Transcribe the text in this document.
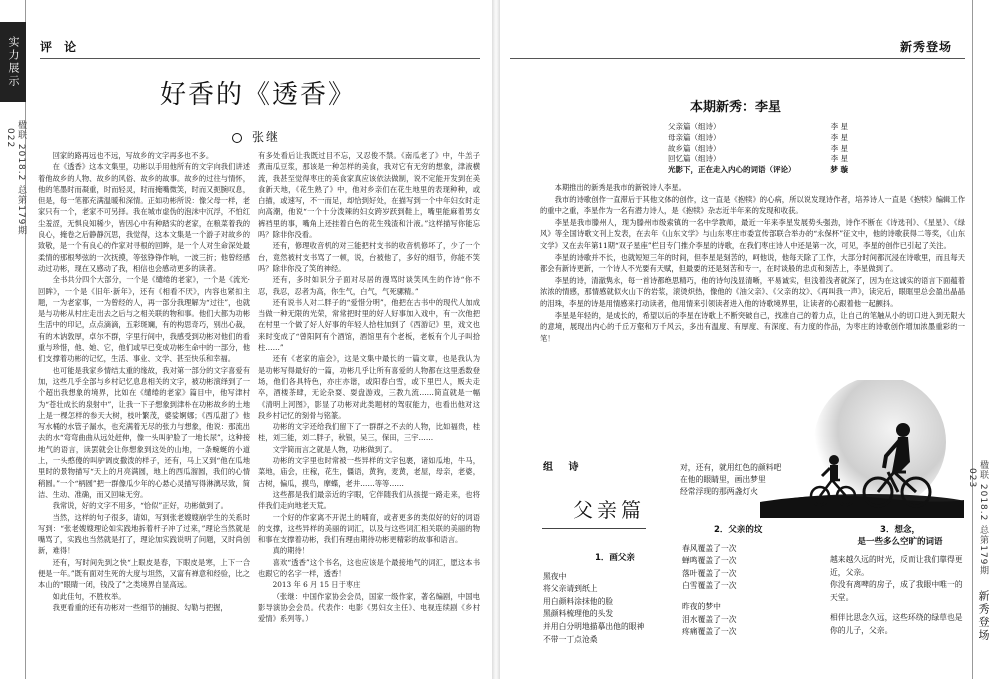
实力展示
楹联 2018.2 总第179期
022
楹联 2018.2 总第179期
023
新秀登场
评 论	新秀登场
好香的《透香》
张继

回家的路再远也不远，写故乡的文字再多也不多。

在《透香》这本文集里，功彬以手用他所有的文字向我们讲述着他故乡的人物、故乡的风俗、故乡的故事。故乡的过往与情怀，他的笔墨时而凝重，时而轻灵，时而掩嘴微笑，时而又扼腕叹息，但是，每一笔都充满温暖和深情。正如功彬所说：像父母一样，老家只有一个，老家不可另择。我在城市虚伪的泡沫中沉浮，不怕红尘羞涩，无惧良知稀少，皆因心中有种踏实的老家，在粮菜着我的良心，掩卷之后静静沉思，我觉得，这本文集是一个游子对故乡的致敬，是一个有良心的作家对寻根的回眸，是一个人对生命深处最柔情的那根琴弦的一次抚摸，等弦铮铮作响，一波三折；他曾经感动过功彬，现在又感动了我，相信也会感动更多的读者。

全书共分四个大部分，一个是《缱绻的老家》，一个是《流光·回眸》，一个是《旧年·新年》，还有《相看不厌》，内容也紧扣主题，一为老家事，一为曾经的人，再一部分我理解为“过往”，也就是与功彬从村庄走出去之后与之相关联的物和事。他们大都为功彬生活中的印记，点点滴滴，五彩斑斓，有的构思奇巧，别出心裁，有的木讷敦厚，卓尔不群，字里行间中，我感受到功彬对他们的看重与珍惜，他、她、它，他们或早已变成功彬生命中的一部分，他们支撑着功彬的记忆，生活、事业、文学、甚至快乐和幸福。

也可能是我家乡情结太重的缘故，我对第一部分的文字喜爱有加，这些几乎全部与乡村记忆息息相关的文字，被功彬演绎到了一个超出我想象的境界，比如在《缱绻的老家》篇目中，他写津村为“苍壮成长的泉射中”，让我一下子想象到津朴在功彬故乡的土地上是一棵怎样的参天大树，枝叶繁茂，婆娑婀娜；《西瓜甜了》他写水桶的水管子漏水，也充满着无尽的张力与想象，他说：那流出去的水“弯弯曲曲从远处赶伸，像一头叫驴脸了一地长尿”，这种接地气的语言，读罢就会让你想象到这处的山地，一条蜿蜒的小道上，一头憨傻的叫驴调皮撒泼的样子，还有，马上又到“他在瓜地里时的景物描写“天上的月亮满圆，地上的西瓜溜圆，我们的心情稍圆。”一个“柄圆”把一群像瓜少年的心悬心灵描写得淋漓尽致，简洁、生动、准确，而又回味无穷。

我常说，好的文字不用多，“恰似”正好，功彬做到了。

当然，这样的句子很多，请如，写到张老嫂嫂崩学生的关系时写到：“张老嫂嫂理论如实践地拆着杆子冲了过来，”理论当然就是嘴骂了，实践也当然就是打了，理论加实践说明了问题，又时尚创新，难得！

还有，写时间先到之快“上眼皮是春，下眼皮是寒，上下一合便是一年。”既有面对生死的大度与坦然，又富有禅意和经验，比之本山的“眼睛一闭，钱没了”之类境界自显高远。

如此佳句，不胜枚举。

我更看重的还有功彬对一些细节的捕捉、勾勒与把握，

有多处看后让我既过目不忘，又忍俊不禁。《南瓜老了》中，牛羔子煮南瓜豆浆，那该是一种怎样的美食，我对它有无穷的想象，津液横流，我甚至觉得枣庄的美食家真应该依法做制，说不定能开发到在美食新天地，《花生熟了》中，他对乡亲们在花生地里的表现种种，或白描，或速写，不一而足，却恰到好处，在描写到一个中年妇女时走向高潮，他说“一个十分泼辣的妇女跨岁跃到鞋上，嘴里能麻着男女裤裆里的事，嘴角上还挂着白色的花生残渣和汁液。”这样描写你能忘吗？除非你没看。

还有，修理收音机的对三能把村支书的收音机修坏了，少了一个台，竟然被村支书骂了一顿，说，台被他了，多好的细节，你能不笑吗？除非你没了笑的神经。

还有，多时如识分子面对尽居的漫骂时谈笑风生的作诗“你不忍，我忍，忍者为高，你生气，白气，气死骡精。”

还有说书人对二胖子的“爱惜分明”，他把在古书中的现代人加成当做一种无限的光荣，常常把时里的好人好事加入戏中，有一次他把在村里一个做了好人好事的年轻人拾柱加到了《西游记》里，戏文也来时变成了“曾阳阿有个酒馆，酒馆里有个老板，老板有个儿子叫拾柱……”

还有《老家的庙会》，这是文集中最长的一篇文章，也是我认为是功彬写得最好的一篇，功彬几乎让所有喜爱的人物都在这里悉数登场，他们各具特色，亦庄亦谐，或阳春白雪，或下里巴人，贩夫走卒，酒楼茶肆，无论杂耍、耍盘游戏，三教九流……简直就是一幅《清明上河图》，影显了功彬对此类题材的驾驭能力，也看出他对这段乡村记忆的刻骨与铭篆。

功彬的文字还给我们留下了一群群之不去的人物，比如福贵，桂桂，刘三能，刘二胖子，秋银，吴三，保田，三宇……

文学简而言之就是人物，功彬做到了。

功彬的文字里也时常被一些异样的文字包裹，诸如瓜地，牛马，菜地，庙会，庄稼，花生，僵语，黄狗，麦黄，老屋，母亲，老婆，古树，偏瓜，摸鸟，摩蝶，老井……等等……

这些都是我们最亲近的字眼，它伴随我们从孩提一路走来，也将伴我们走向地老天荒。

一个好的作家离不开泥土的哺育，或者更多的类似好的好的词语的支撑，这些异样的美丽的词汇，以及与这些词汇相关联的美丽的物和事在支撑着功彬，我们有理由期待功彬更精彩的故事和语言。

真的期待！

喜欢“透香”这个书名，这也应该是个最接地气的词汇，愿这本书也跟它的名字一样，透香！

2013 年 6 月 15 日于枣庄

（张继：中国作家协会会员，国家一级作家，著名编剧，中国电影导演协会会员。代表作：电影《男妇女主任》、电视连续剧《乡村爱情》系列等。）

本期新秀：李星
父亲篇（组诗）	李 星
母亲篇（组诗）	李 星
故乡篇（组诗）	李 星
回忆篇（组诗）	李 星
光影下，正在走入内心的词语（评论）	梦 璇

本期推出的新秀是我市的新锐诗人李星。

我市的诗歌创作一直滞后于其他文体的创作，这一直是《抱犊》的心病，所以说发现诗作者，培养诗人一直是《抱犊》编辑工作的重中之重，李星作为一名有潜力诗人，是《抱犊》杂志近半年来的发现和收获。

李星是我市滕州人，现为滕州市级索镇的一名中学教师，最近一年来李星发展势头强劲，诗作不断在《诗选刊》、《星星》、《绿风》等全国诗歌文刊上发表，在去年《山东文学》与山东枣庄市委宣传部联合举办的“永保杯”征文中，他的诗歌获得二等奖，《山东文学》又在去年第11期“双子星座”栏目专门推介李星的诗歌，在我们枣庄诗人中还是第一次，可见，李星的创作已引起了关注。

李星的诗歌并不长，也就短短三年的时间，但李星是刻苦的，呵他说，他每天除了工作，大部分时间都沉浸在诗歌里，而且每天都会有新诗更新，一个诗人不光要有天赋，但最要的还是刻苦和专一，在时谈般的忠贞和刻苦上，李星做到了。

李星的诗，清澈隽永，每一首诗都绝思精巧，他的诗句浅显清晰，平易诚实，但浅着浅者就深了，因为在这诚实的语言下面蕴着浓浓的情感，那情感就似火山下的岩浆，滚烫炽热，像他的《油父亲》、《父亲的坟》、《再叫我一声》，读完后，眼眶里总会盈出晶晶的泪珠，李星的诗是用情感来打动读者，他用情来引领读者进入他的诗歌境界里，让读者的心跟着他一起颤抖。

李星是年轻的，是成长的，希望以后的李星在诗歌上不断突破自己，找准自己的着力点，让自己的笔触从小的切口进入到无限大的意境，展现出内心的千丘万壑和万千风云，多出有温度、有厚度、有深度、有力度的作品，为枣庄的诗歌创作增加浓墨重彩的一笔！

组 诗
父亲篇
对，还有，就用红色的颜料吧
在他的眼睛里，画出梦里
经常浮现的那两盏灯火
1．画父亲
黑夜中
将父亲请到纸上
用白颜料涂抹他的脸
黑颜料梳理他的头发
并用白分明地描摹出他的眼神
不带一丁点沧桑
2．父亲的坟
春风覆盖了一次
蝉鸣覆盖了一次
落叶覆盖了一次
白雪覆盖了一次
昨夜的梦中
泪水覆盖了一次
疼痛覆盖了一次
3．想念，
是一些多么空旷的词语
越来越久远的时光，反而让我们靠得更近，父亲。
你没有离啤的房子，成了我眼中唯一的天堂。
相伴比思念久远，这些环绕的绿草也是你的儿子，父亲。
